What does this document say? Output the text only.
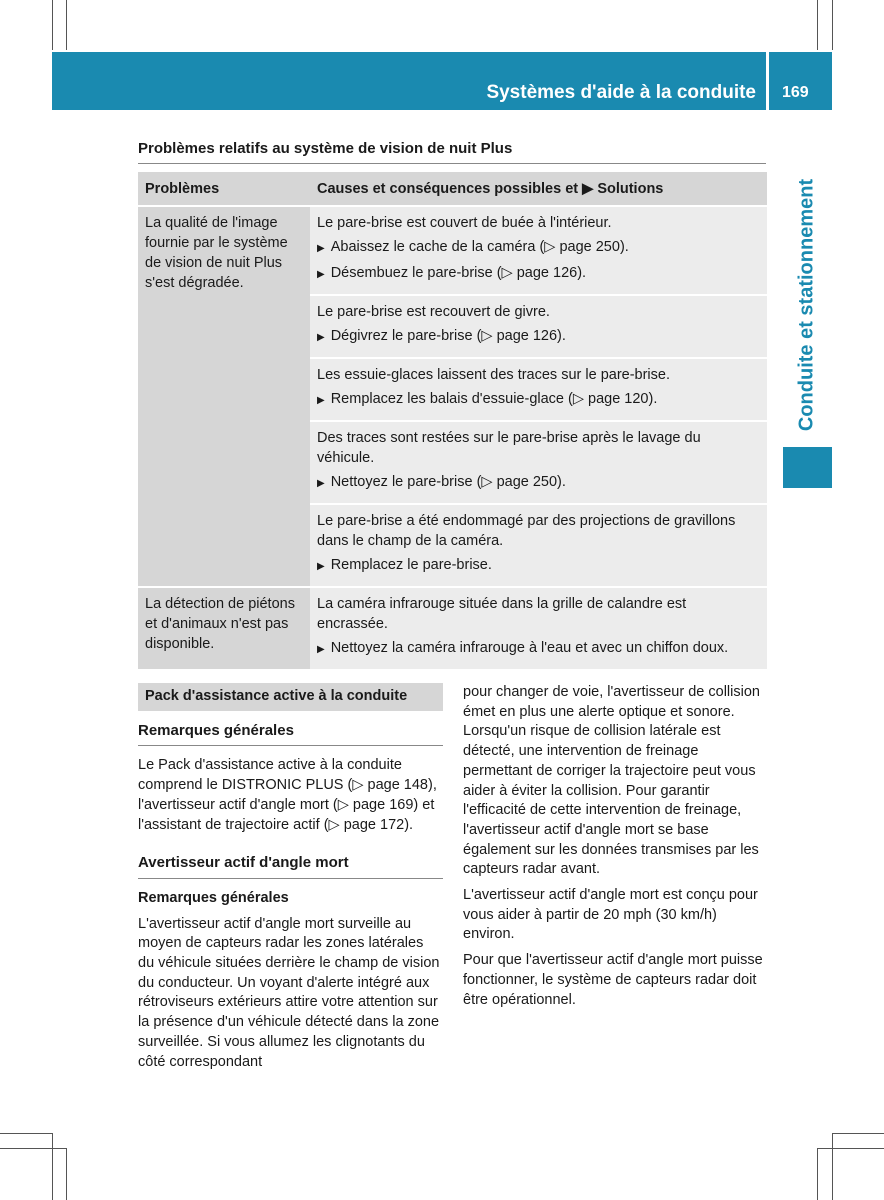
Systèmes d'aide à la conduite 169
Conduite et stationnement
Problèmes relatifs au système de vision de nuit Plus
Problèmes	Causes et conséquences possibles et ▶ Solutions
La qualité de l'image fournie par le système de vision de nuit Plus s'est dégradée.	Le pare-brise est couvert de buée à l'intérieur.

▶ Abaissez le cache de la caméra (▷ page 250).

▶ Désembuez le pare-brise (▷ page 126).

	Le pare-brise est recouvert de givre.

▶ Dégivrez le pare-brise (▷ page 126).

	Les essuie-glaces laissent des traces sur le pare-brise.

▶ Remplacez les balais d'essuie-glace (▷ page 120).

	Des traces sont restées sur le pare-brise après le lavage du véhicule.

▶ Nettoyez le pare-brise (▷ page 250).

	Le pare-brise a été endommagé par des projections de gravillons dans le champ de la caméra.

▶ Remplacez le pare-brise.

La détection de piétons et d'animaux n'est pas disponible.	La caméra infrarouge située dans la grille de calandre est encrassée.

▶ Nettoyez la caméra infrarouge à l'eau et avec un chiffon doux.

Pack d'assistance active à la conduite
Remarques générales

Le Pack d'assistance active à la conduite comprend le DISTRONIC PLUS (▷ page 148), l'avertisseur actif d'angle mort (▷ page 169) et l'assistant de trajectoire actif (▷ page 172).

Avertisseur actif d'angle mort
Remarques générales

L'avertisseur actif d'angle mort surveille au moyen de capteurs radar les zones latérales du véhicule situées derrière le champ de vision du conducteur. Un voyant d'alerte intégré aux rétroviseurs extérieurs attire votre attention sur la présence d'un véhicule détecté dans la zone surveillée. Si vous allumez les clignotants du côté correspondant

pour changer de voie, l'avertisseur de collision émet en plus une alerte optique et sonore. Lorsqu'un risque de collision latérale est détecté, une intervention de freinage permettant de corriger la trajectoire peut vous aider à éviter la collision. Pour garantir l'efficacité de cette intervention de freinage, l'avertisseur actif d'angle mort se base également sur les données transmises par les capteurs radar avant.

L'avertisseur actif d'angle mort est conçu pour vous aider à partir de 20 mph (30 km/h) environ.

Pour que l'avertisseur actif d'angle mort puisse fonctionner, le système de capteurs radar doit être opérationnel.
